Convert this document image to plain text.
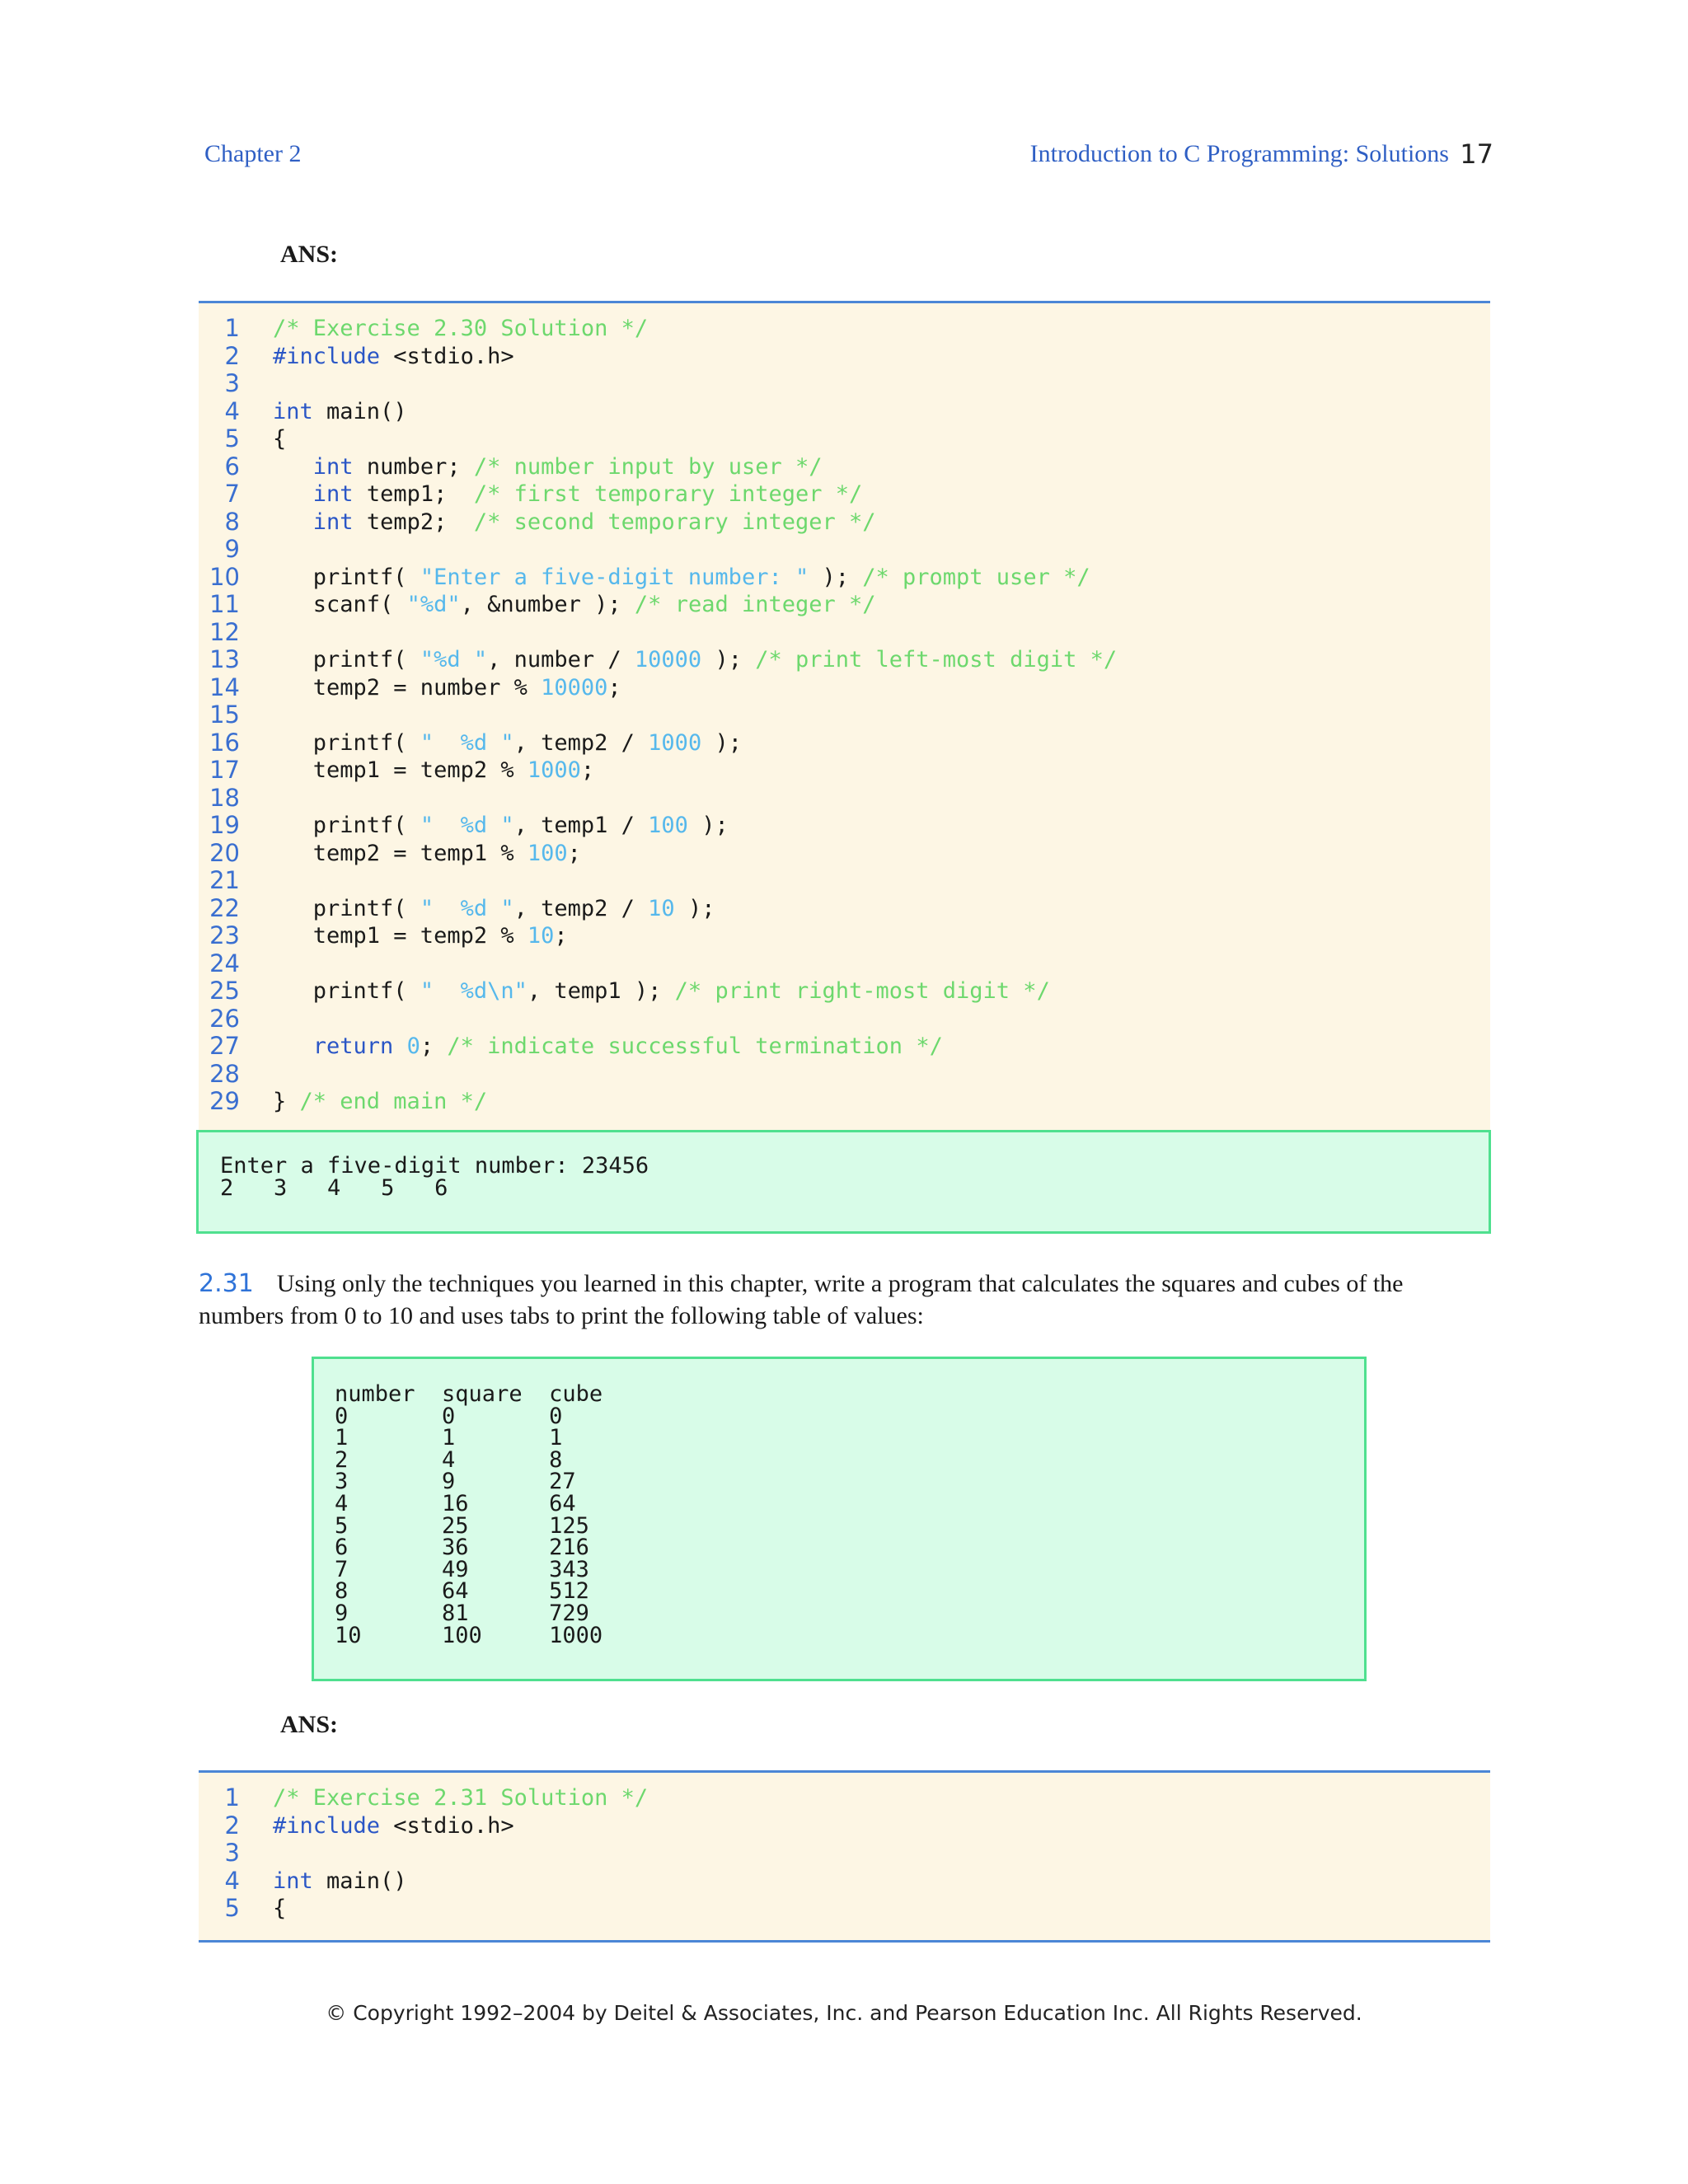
Chapter 2	Introduction to C Programming: Solutions 17
ANS:
1 /* Exercise 2.30 Solution */
2 #include <stdio.h>
3
4 int main()
5 {
6	int number; /* number input by user */
7	int temp1;  /* first temporary integer */
8	int temp2;  /* second temporary integer */
9
10 printf( "Enter a five-digit number: " ); /* prompt user */
11 scanf( "%d", &number ); /* read integer */
12
13 printf( "%d ", number / 10000 ); /* print left-most digit */
14 temp2 = number % 10000;
15
16 printf( "  %d ", temp2 / 1000 );
17 temp1 = temp2 % 1000;
18
19 printf( "  %d ", temp1 / 100 );
20 temp2 = temp1 % 100;
21
22 printf( "  %d ", temp2 / 10 );
23 temp1 = temp2 % 10;
24
25 printf( "  %d\n", temp1 ); /* print right-most digit */
26
27	return 0; /* indicate successful termination */
28
29 } /* end main */
Enter a five-digit number: 23456
2   3   4   5   6
2.31 Using only the techniques you learned in this chapter, write a program that calculates the squares and cubes of the numbers from 0 to 10 and uses tabs to print the following table of values:
number  square  cube
0       0       0
1       1       1
2       4       8
3       9       27
4       16      64
5       25      125
6       36      216
7       49      343
8       64      512
9       81      729
10      100     1000
ANS:
1 /* Exercise 2.31 Solution */
2 #include <stdio.h>
3
4 int main()
5 {
© Copyright 1992–2004 by Deitel & Associates, Inc. and Pearson Education Inc. All Rights Reserved.
